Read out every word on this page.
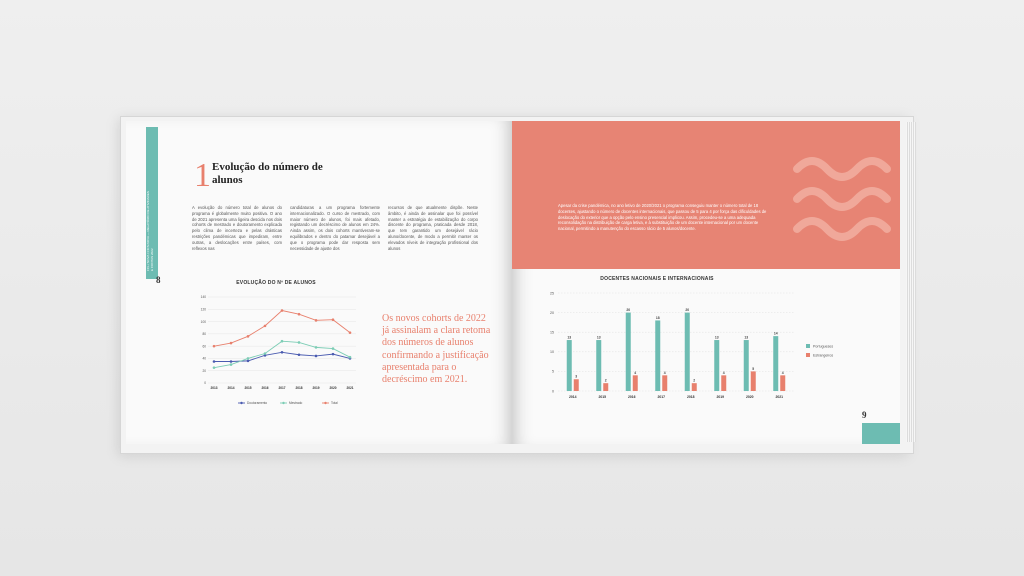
FCL / NOVA / CICS.NOVA — RELATÓRIO DE ATIVIDADES E CONTAS 2022
8
1 Evolução do número de alunos
A evolução do número total de alunos do programa é globalmente muito positiva. O ano de 2021 apresenta uma ligeira descida nos dois cohorts de mestrado e doutoramento explicada pelo clima de incerteza e pelas drásticas restrições pandémicas que impediram, entre outras, a deslocações entre países, com reflexos nas
candidaturas a um programa fortemente internacionalizado. O curso de mestrado, com maior número de alunos, foi mais afetado, registando um decréscimo de alunos em 24%. Ainda assim, os dois cohorts mantiveram-se equilibrados e dentro do patamar desejável a que o programa pode dar resposta sem necessidade de ajuste dos
recursos de que atualmente dispõe. Neste âmbito, é ainda de assinalar que foi possível manter a estratégia de estabilização do corpo discente do programa, praticada desde 2018, que tem garantido um desejável rácio aluno/docente, de modo a permitir manter os elevados níveis de integração profissional dos alunos
EVOLUÇÃO DO Nº DE ALUNOS
0
20
40
60
80
100
120
140
2013	2014	2015	2016	2017	2018	2019	2020	2021
Doutoramento	Mestrado	Total
Os novos cohorts de 2022 já assinalam a clara retoma dos números de alunos confirmando a justificação apresentada para o decréscimo em 2021.
Apesar da crise pandémica, no ano letivo de 2020/2021 o programa conseguiu manter o número total de 18 docentes, ajustando o número de docentes internacionais, que passou de 5 para 4 por força das dificuldades de deslocação do exterior que a opção pelo ensino presencial implicou. Assim, procedeu-se a uma adequada reconsolidação na distribuição de carga letiva, e à substituição de um docente internacional por um docente nacional, permitindo a manutenção do escasso rácio de 5 alunos/docente.
DOCENTES NACIONAIS E INTERNACIONAIS
0
5
10
15
20
25
13
3
2014
13
2
2015
20
4
2016
18
4
2017
20
2
2018
13
4
2019
13
5
2020
14
4
2021
Portugueses
Estrangeiros
9
